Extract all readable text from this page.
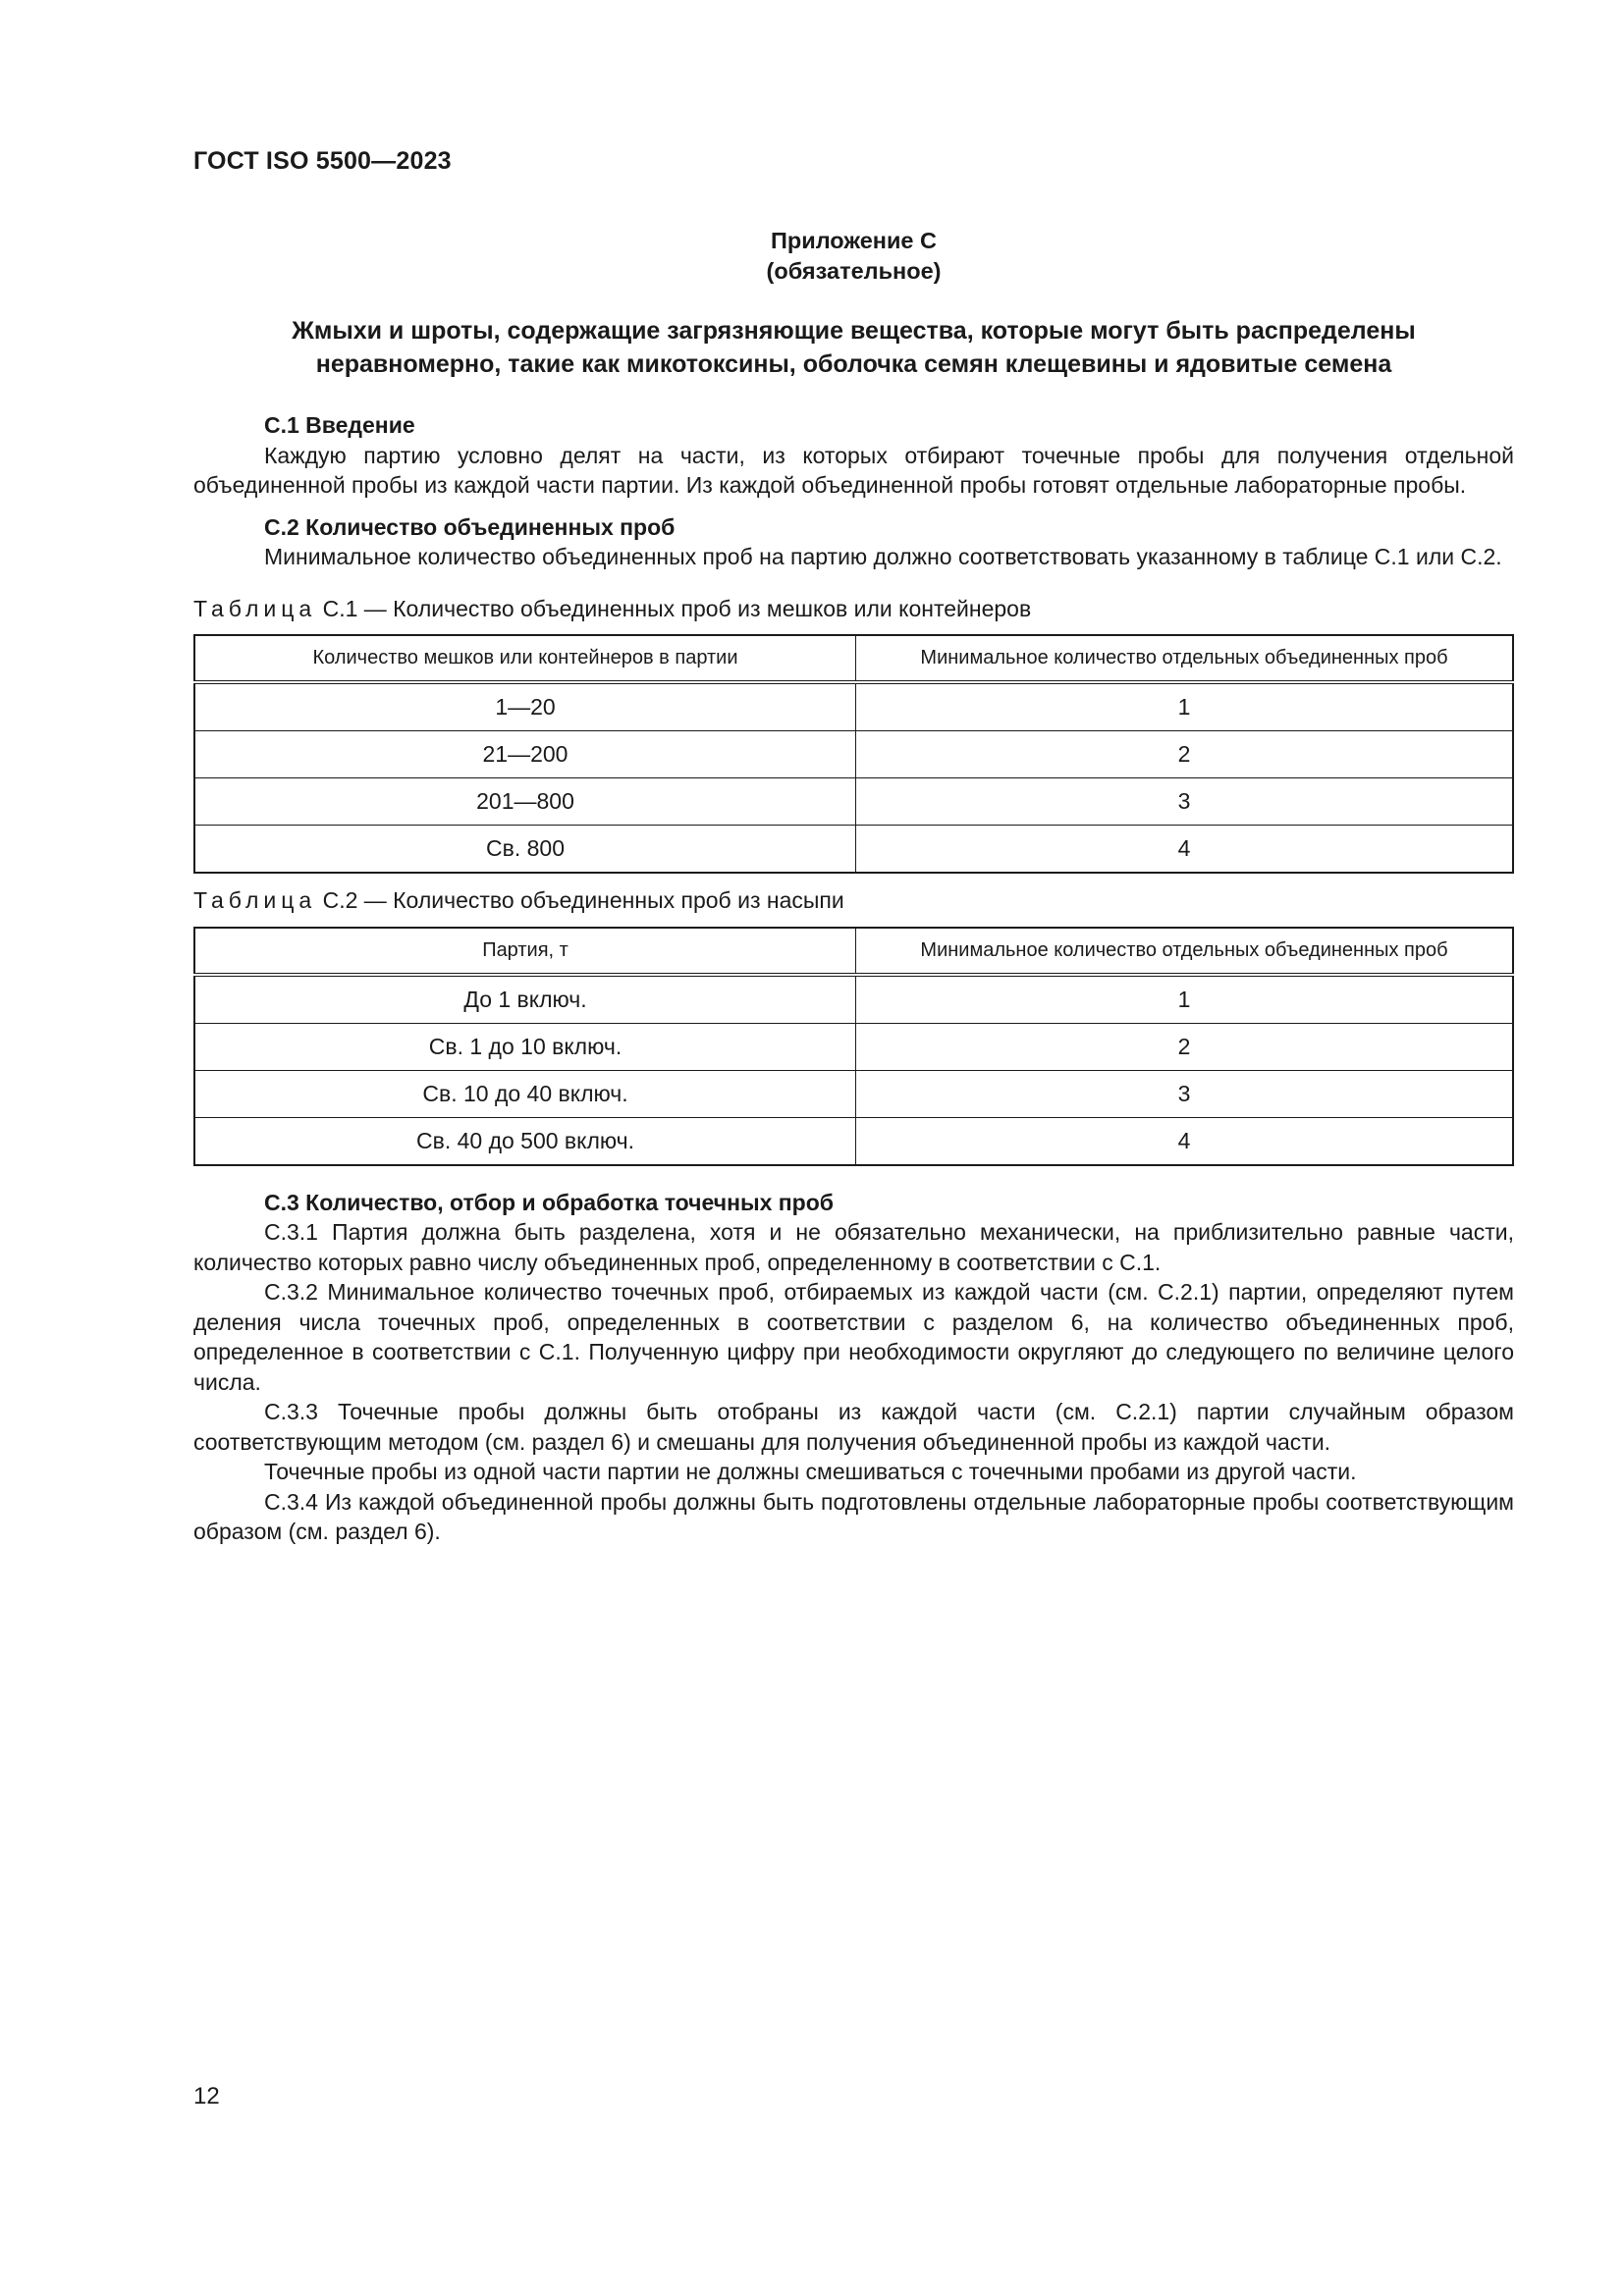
ГОСТ ISO 5500—2023
Приложение С
(обязательное)
Жмыхи и шроты, содержащие загрязняющие вещества, которые могут быть распределены
неравномерно, такие как микотоксины, оболочка семян клещевины и ядовитые семена
С.1 Введение

Каждую партию условно делят на части, из которых отбирают точечные пробы для получения отдельной объединенной пробы из каждой части партии. Из каждой объединенной пробы готовят отдельные лабораторные пробы.

С.2 Количество объединенных проб

Минимальное количество объединенных проб на партию должно соответствовать указанному в таблице С.1 или С.2.

Таблица С.1 — Количество объединенных проб из мешков или контейнеров
Количество мешков или контейнеров в партии	Минимальное количество отдельных объединенных проб
1—20	1
21—200	2
201—800	3
Св. 800	4
Таблица С.2 — Количество объединенных проб из насыпи
Партия, т	Минимальное количество отдельных объединенных проб
До 1 включ.	1
Св. 1 до 10 включ.	2
Св. 10 до 40 включ.	3
Св. 40 до 500 включ.	4
С.3 Количество, отбор и обработка точечных проб

С.3.1 Партия должна быть разделена, хотя и не обязательно механически, на приблизительно равные части, количество которых равно числу объединенных проб, определенному в соответствии с С.1.

С.3.2 Минимальное количество точечных проб, отбираемых из каждой части (см. С.2.1) партии, определяют путем деления числа точечных проб, определенных в соответствии с разделом 6, на количество объединенных проб, определенное в соответствии с С.1. Полученную цифру при необходимости округляют до следующего по величине целого числа.

С.3.3 Точечные пробы должны быть отобраны из каждой части (см. С.2.1) партии случайным образом соответствующим методом (см. раздел 6) и смешаны для получения объединенной пробы из каждой части.

Точечные пробы из одной части партии не должны смешиваться с точечными пробами из другой части.

С.3.4 Из каждой объединенной пробы должны быть подготовлены отдельные лабораторные пробы соответствующим образом (см. раздел 6).

12
